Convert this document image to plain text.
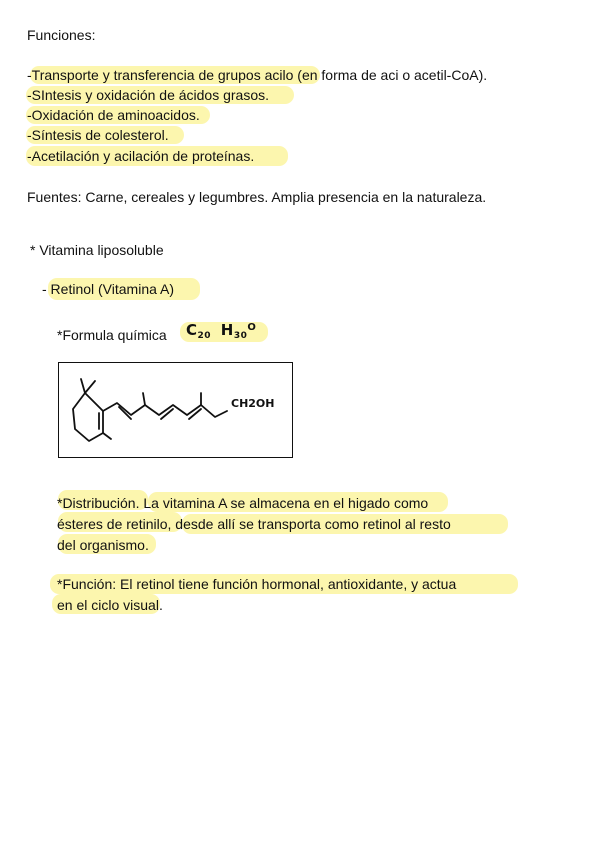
Funciones:
-Transporte y transferencia de grupos acilo (en forma de aci o acetil-CoA).
-SIntesis y oxidación de ácidos grasos.
-Oxidación de aminoacidos.
-Síntesis de colesterol.
-Acetilación y acilación de proteínas.
Fuentes: Carne, cereales y legumbres. Amplia presencia en la naturaleza.
* Vitamina liposoluble
- Retinol (Vitamina A)
*Formula química $C_{20}$ $H_{30}^O$
CH2OH
*Distribución. La vitamina A se almacena en el higado como
ésteres de retinilo, desde allí se transporta como retinol al resto
del organismo.
*Función: El retinol tiene función hormonal, antioxidante, y actua
en el ciclo visual.
